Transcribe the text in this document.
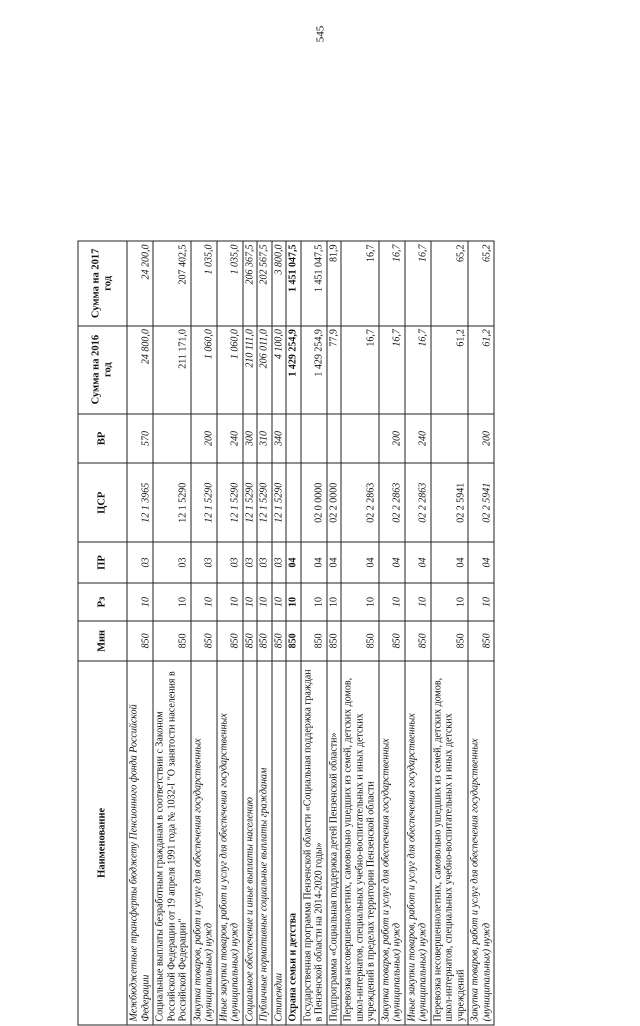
545
Наименование	Мин	Рз	ПР	ЦСР	ВР	Сумма на 2016 год	Сумма на 2017 год
Межбюджетные трансферты бюджету Пенсионного фонда Российской Федерации	850	10	03	12 1 3965	570	24 800,0	24 200,0
Социальные выплаты безработным гражданам в соответствии с Законом Российской Федерации от 19 апреля 1991 года № 1032-I "О занятости населения в Российской Федерации"	850	10	03	12 1 5290		211 171,0	207 402,5
Закупка товаров, работ и услуг для обеспечения государственных (муниципальных) нужд	850	10	03	12 1 5290	200	1 060,0	1 035,0
Иные закупки товаров, работ и услуг для обеспечения государственных (муниципальных) нужд	850	10	03	12 1 5290	240	1 060,0	1 035,0
Социальное обеспечение и иные выплаты населению	850	10	03	12 1 5290	300	210 111,0	206 367,5
Публичные нормативные социальные выплаты гражданам	850	10	03	12 1 5290	310	206 011,0	202 567,5
Стипендии	850	10	03	12 1 5290	340	4 100,0	3 800,0
Охрана семьи и детства	850	10	04			1 429 254,9	1 451 047,5
Государственная программа Пензенской области «Социальная поддержка граждан в Пензенской области на 2014-2020 годы»	850	10	04	02 0 0000		1 429 254,9	1 451 047,5
Подпрограмма «Социальная поддержка детей Пензенской области»	850	10	04	02 2 0000		77,9	81,9
Перевозка несовершеннолетних, самовольно ушедших из семей, детских домов, школ-интернатов, специальных учебно-воспитательных и иных детских учреждений в пределах территории Пензенской области	850	10	04	02 2 2863		16,7	16,7
Закупка товаров, работ и услуг для обеспечения государственных (муниципальных) нужд	850	10	04	02 2 2863	200	16,7	16,7
Иные закупки товаров, работ и услуг для обеспечения государственных (муниципальных) нужд	850	10	04	02 2 2863	240	16,7	16,7
Перевозка несовершеннолетних, самовольно ушедших из семей, детских домов, школ-интернатов, специальных учебно-воспитательных и иных детских учреждений	850	10	04	02 2 5941		61,2	65,2
Закупка товаров, работ и услуг для обеспечения государственных (муниципальных) нужд	850	10	04	02 2 5941	200	61,2	65,2
